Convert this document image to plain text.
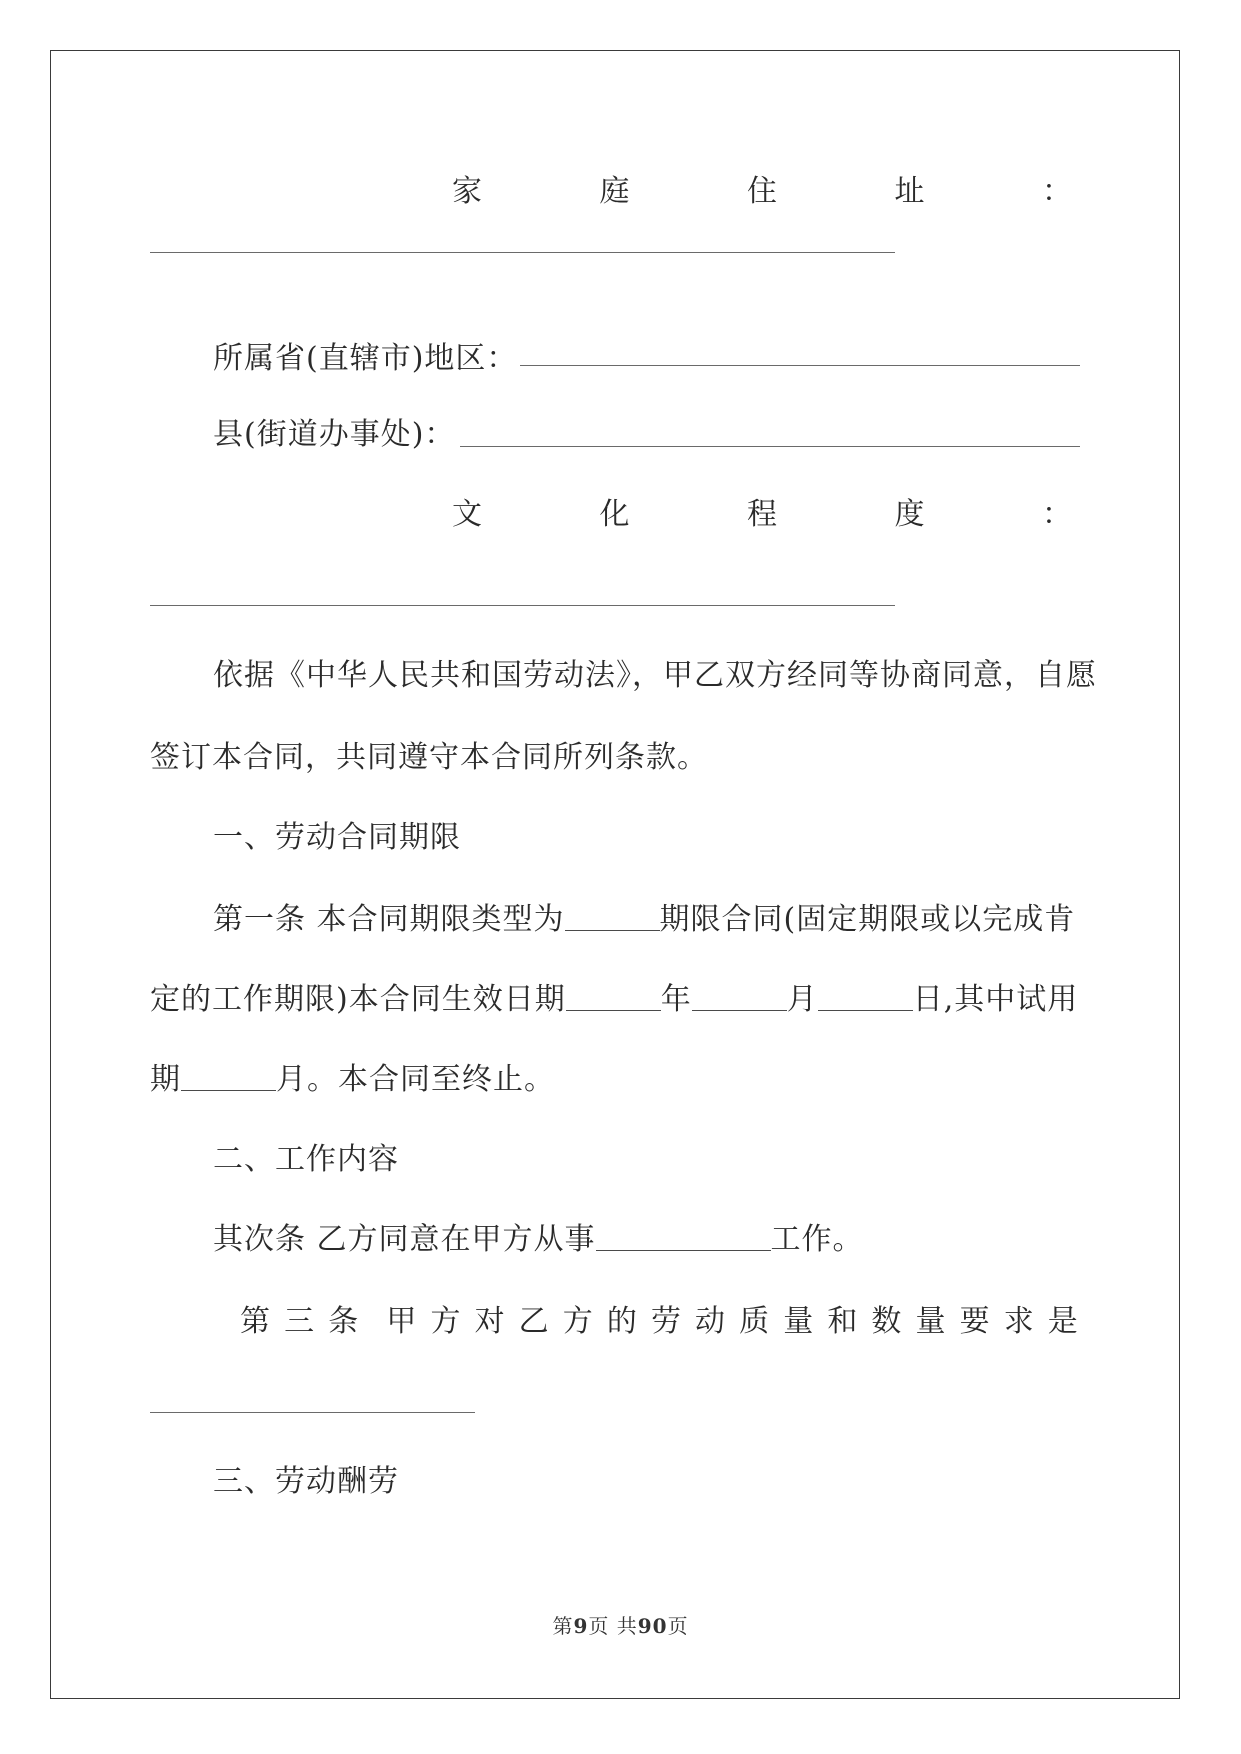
家	庭	住	址	：
所属省(直辖市)地区：
县(街道办事处)：
文	化	程	度	：
依据《中华人民共和国劳动法》，甲乙双方经同等协商同意，自愿
签订本合同，共同遵守本合同所列条款。
一、劳动合同期限
第一条 本合同期限类型为	期限合同(固定期限或以完成肯
定的工作期限)本合同生效日期	年	月	日,其中试用
期	月。本合同至终止。
二、工作内容
其次条 乙方同意在甲方从事	工作。
第 三 条 甲 方 对 乙 方 的 劳 动 质 量 和 数 量 要 求 是
三、劳动酬劳
第9页 共90页
